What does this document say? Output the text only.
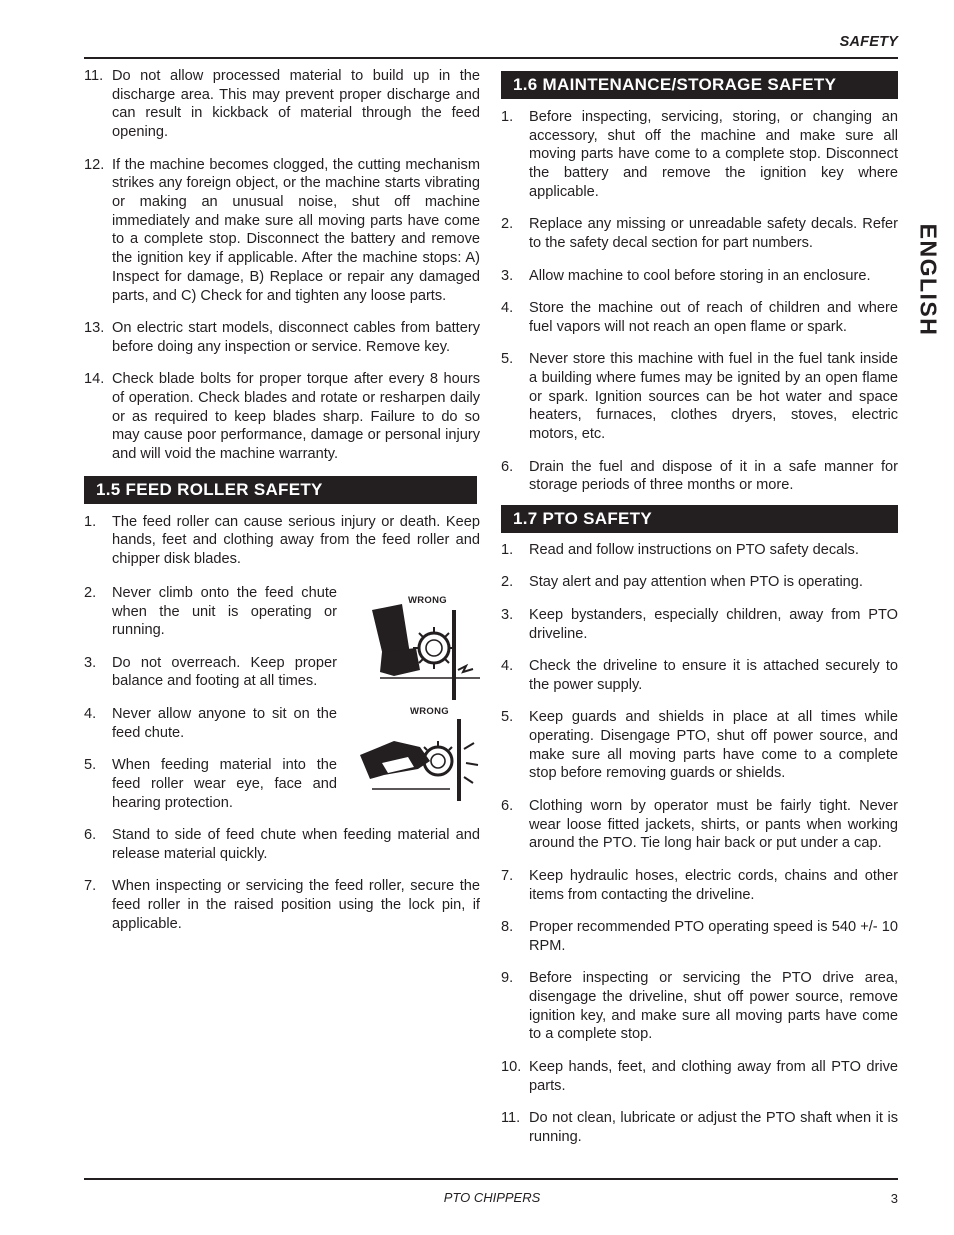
SAFETY
ENGLISH
11. Do not allow processed material to build up in the discharge area. This may prevent proper discharge and can result in kickback of material through the feed opening.
12. If the machine becomes clogged, the cutting mechanism strikes any foreign object, or the machine starts vibrating or making an unusual noise, shut off machine immediately and make sure all moving parts have come to a complete stop. Disconnect the battery and remove the ignition key if applicable. After the machine stops: A) Inspect for damage, B) Replace or repair any damaged parts, and C) Check for and tighten any loose parts.
13. On electric start models, disconnect cables from battery before doing any inspection or service. Remove key.
14. Check blade bolts for proper torque after every 8 hours of operation. Check blades and rotate or resharpen daily or as required to keep blades sharp. Failure to do so may cause poor performance, damage or personal injury and will void the machine warranty.
1.5 FEED ROLLER SAFETY
1. The feed roller can cause serious injury or death. Keep hands, feet and clothing away from the feed roller and chipper disk blades.
2. Never climb onto the feed chute when the unit is operating or running.
3. Do not overreach. Keep proper balance and footing at all times.
4. Never allow anyone to sit on the feed chute.
5. When feeding material into the feed roller wear eye, face and hearing protection.
6. Stand to side of feed chute when feeding material and release material quickly.
7. When inspecting or servicing the feed roller, secure the feed roller in the raised position using the lock pin, if applicable.
WRONG
WRONG
1.6 MAINTENANCE/STORAGE SAFETY
1. Before inspecting, servicing, storing, or changing an accessory, shut off the machine and make sure all moving parts have come to a complete stop. Disconnect the battery and remove the ignition key where applicable.
2. Replace any missing or unreadable safety decals. Refer to the safety decal section for part numbers.
3. Allow machine to cool before storing in an enclosure.
4. Store the machine out of reach of children and where fuel vapors will not reach an open flame or spark.
5. Never store this machine with fuel in the fuel tank inside a building where fumes may be ignited by an open flame or spark. Ignition sources can be hot water and space heaters, furnaces, clothes dryers, stoves, electric motors, etc.
6. Drain the fuel and dispose of it in a safe manner for storage periods of three months or more.
1.7 PTO SAFETY
1. Read and follow instructions on PTO safety decals.
2. Stay alert and pay attention when PTO is operating.
3. Keep bystanders, especially children, away from PTO driveline.
4. Check the driveline to ensure it is attached securely to the power supply.
5. Keep guards and shields in place at all times while operating. Disengage PTO, shut off power source, and make sure all moving parts have come to a complete stop before removing guards or shields.
6. Clothing worn by operator must be fairly tight. Never wear loose fitted jackets, shirts, or pants when working around the PTO. Tie long hair back or put under a cap.
7. Keep hydraulic hoses, electric cords, chains and other items from contacting the driveline.
8. Proper recommended PTO operating speed is 540 +/- 10 RPM.
9. Before inspecting or servicing the PTO drive area, disengage the driveline, shut off power source, remove ignition key, and make sure all moving parts have come to a complete stop.
10. Keep hands, feet, and clothing away from all PTO drive parts.
11. Do not clean, lubricate or adjust the PTO shaft when it is running.
PTO CHIPPERS	3
